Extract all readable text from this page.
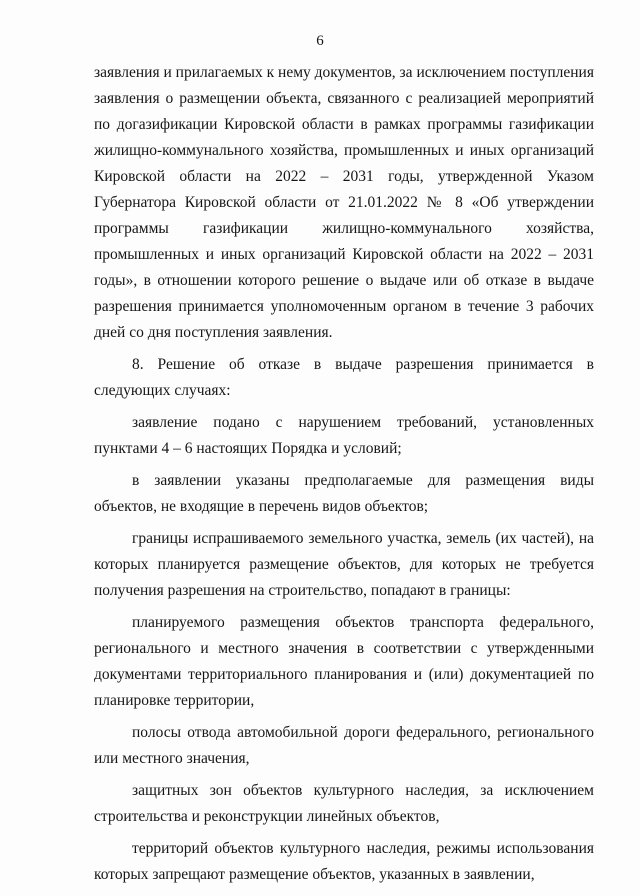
6

заявления и прилагаемых к нему документов, за исключением поступления заявления о размещении объекта, связанного с реализацией мероприятий по догазификации Кировской области в рамках программы газификации жилищно-коммунального хозяйства, промышленных и иных организаций Кировской области на 2022 – 2031 годы, утвержденной Указом Губернатора Кировской области от 21.01.2022 № 8 «Об утверждении программы газификации жилищно-коммунального хозяйства, промышленных и иных организаций Кировской области на 2022 – 2031 годы», в отношении которого решение о выдаче или об отказе в выдаче разрешения принимается уполномоченным органом в течение 3 рабочих дней со дня поступления заявления.

8. Решение об отказе в выдаче разрешения принимается в следующих случаях:

заявление подано с нарушением требований, установленных пунктами 4 – 6 настоящих Порядка и условий;

в заявлении указаны предполагаемые для размещения виды объектов, не входящие в перечень видов объектов;

границы испрашиваемого земельного участка, земель (их частей), на которых планируется размещение объектов, для которых не требуется получения разрешения на строительство, попадают в границы:

планируемого размещения объектов транспорта федерального, регионального и местного значения в соответствии с утвержденными документами территориального планирования и (или) документацией по планировке территории,

полосы отвода автомобильной дороги федерального, регионального или местного значения,

защитных зон объектов культурного наследия, за исключением строительства и реконструкции линейных объектов,

территорий объектов культурного наследия, режимы использования которых запрещают размещение объектов, указанных в заявлении,
